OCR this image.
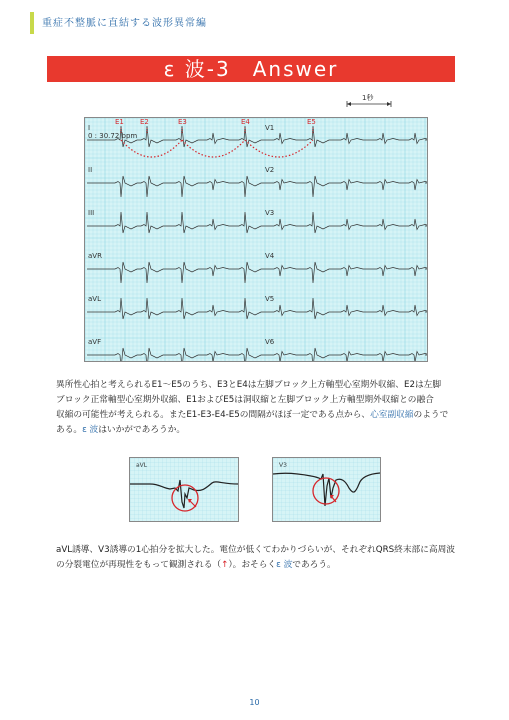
重症不整脈に直結する波形異常編
ε 波-3　Answer
1秒
0 : 30.72 bpm
E1 E2	E3	E4	E5
I
II
III
aVR
aVL
aVF
V1
V2
V3
V4
V5
V6
異所性心拍と考えられるE1〜E5のうち、E3とE4は左脚ブロック上方軸型心室期外収縮、E2は左脚
ブロック正常軸型心室期外収縮、E1およびE5は洞収縮と左脚ブロック上方軸型期外収縮との融合
収縮の可能性が考えられる。またE1-E3-E4-E5の間隔がほぼ一定である点から、心室副収縮のようで
ある。ε 波はいかがであろうか。
aVL誘導、V3誘導の1心拍分を拡大した。電位が低くてわかりづらいが、それぞれQRS終末部に高周波
の分裂電位が再現性をもって観測される（↑）。おそらくε 波であろう。
10
